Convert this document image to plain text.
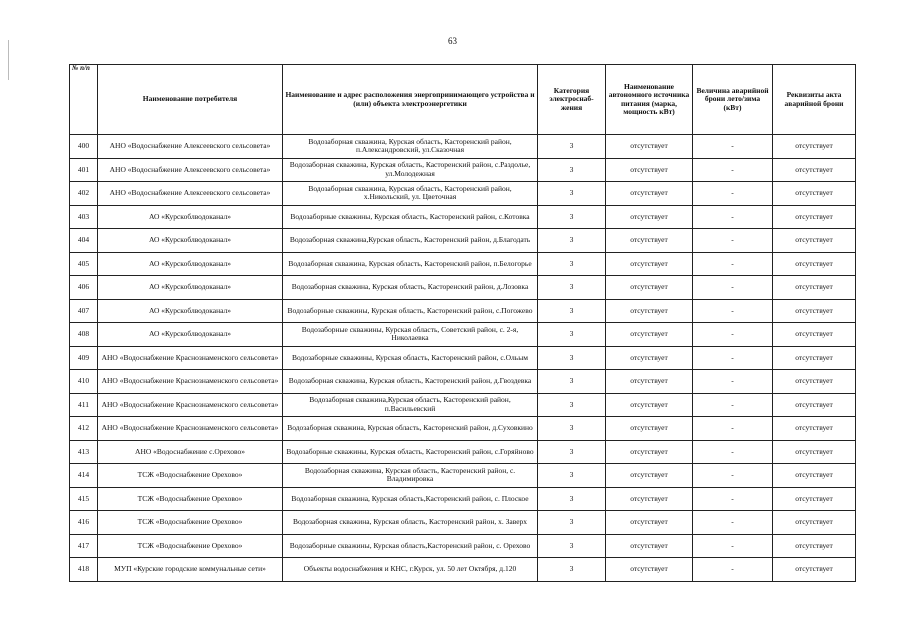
63
№ п/п	Наименование потребителя	Наименование и адрес расположения энергопринимающего устройства и (или) объекта электроэнергетики	Категория электроснаб-жения	Наименование автономного источника питания (марка, мощность кВт)	Величина аварийной брони лето/зима (кВт)	Реквизиты акта аварийной брони
400	АНО «Водоснабжение Алексеевского сельсовета»	Водозаборная скважина, Курская область, Касторенский район, п.Александровский, ул.Сказочная	3	отсутствует	-	отсутствует
401	АНО «Водоснабжение Алексеевского сельсовета»	Водозаборная скважина, Курская область, Касторенский район, с.Раздолье, ул.Молодежная	3	отсутствует	-	отсутствует
402	АНО «Водоснабжение Алексеевского сельсовета»	Водозаборная скважина, Курская область, Касторенский район, х.Никольский, ул. Цветочная	3	отсутствует	-	отсутствует
403	АО «Курскоблводоканал»	Водозаборные скважины, Курская область, Касторенский район, с.Котовка	3	отсутствует	-	отсутствует
404	АО «Курскоблводоканал»	Водозаборная скважина,Курская область, Касторенский район, д.Благодать	3	отсутствует	-	отсутствует
405	АО «Курскоблводоканал»	Водозаборная скважина, Курская область, Касторенский район, п.Белогорье	3	отсутствует	-	отсутствует
406	АО «Курскоблводоканал»	Водозаборная скважина, Курская область, Касторенский район, д.Лозовка	3	отсутствует	-	отсутствует
407	АО «Курскоблводоканал»	Водозаборные скважины, Курская область, Касторенский район, с.Погожево	3	отсутствует	-	отсутствует
408	АО «Курскоблводоканал»	Водозаборные скважины, Курская область, Советский район, с. 2-я, Николаевка	3	отсутствует	-	отсутствует
409	АНО «Водоснабжение Краснознаменского сельсовета»	Водозаборные скважины, Курская область, Касторенский район, с.Ольым	3	отсутствует	-	отсутствует
410	АНО «Водоснабжение Краснознаменского сельсовета»	Водозаборная скважина, Курская область, Касторенский район, д.Гвоздевка	3	отсутствует	-	отсутствует
411	АНО «Водоснабжение Краснознаменского сельсовета»	Водозаборная скважина,Курская область, Касторенский район, п.Васильевский	3	отсутствует	-	отсутствует
412	АНО «Водоснабжение Краснознаменского сельсовета»	Водозаборная скважина, Курская область, Касторенский район, д.Суховкино	3	отсутствует	-	отсутствует
413	АНО «Водоснабжение с.Орехово»	Водозаборные скважины, Курская область, Касторенский район, с.Горяйново	3	отсутствует	-	отсутствует
414	ТСЖ «Водоснабжение Орехово»	Водозаборная скважина, Курская область, Касторенский район, с. Владимировка	3	отсутствует	-	отсутствует
415	ТСЖ «Водоснабжение Орехово»	Водозаборная скважина, Курская область,Касторенский район, с. Плоское	3	отсутствует	-	отсутствует
416	ТСЖ «Водоснабжение Орехово»	Водозаборная скважина, Курская область, Касторенский район, х. Заверх	3	отсутствует	-	отсутствует
417	ТСЖ «Водоснабжение Орехово»	Водозаборные скважины, Курская область,Касторенский район, с. Орехово	3	отсутствует	-	отсутствует
418	МУП «Курские городские коммунальные сети»	Объекты водоснабжения и КНС, г.Курск, ул. 50 лет Октября, д.120	3	отсутствует	-	отсутствует
